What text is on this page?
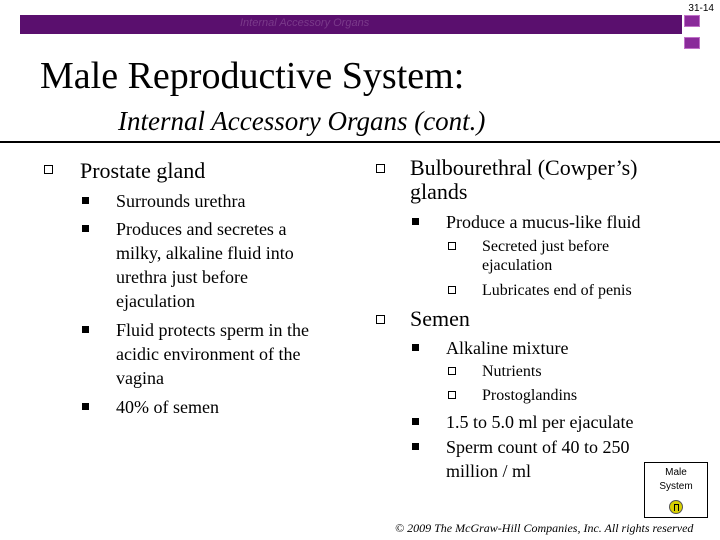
31-14
Internal Accessory Organs
Male Reproductive System:
Internal Accessory Organs (cont.)
Prostate gland
Surrounds urethra
Produces and secretes a
milky, alkaline fluid into
urethra just before
ejaculation
Fluid protects sperm in the
acidic environment of the
vagina
40% of semen
Bulbourethral (Cowper’s)
glands
Produce a mucus-like fluid
Secreted just before
ejaculation
Lubricates end of penis
Semen
Alkaline mixture
Nutrients
Prostoglandins
1.5 to 5.0 ml per ejaculate
Sperm count of 40 to 250
million / ml	Male
System
© 2009 The McGraw-Hill Companies, Inc. All rights reserved
